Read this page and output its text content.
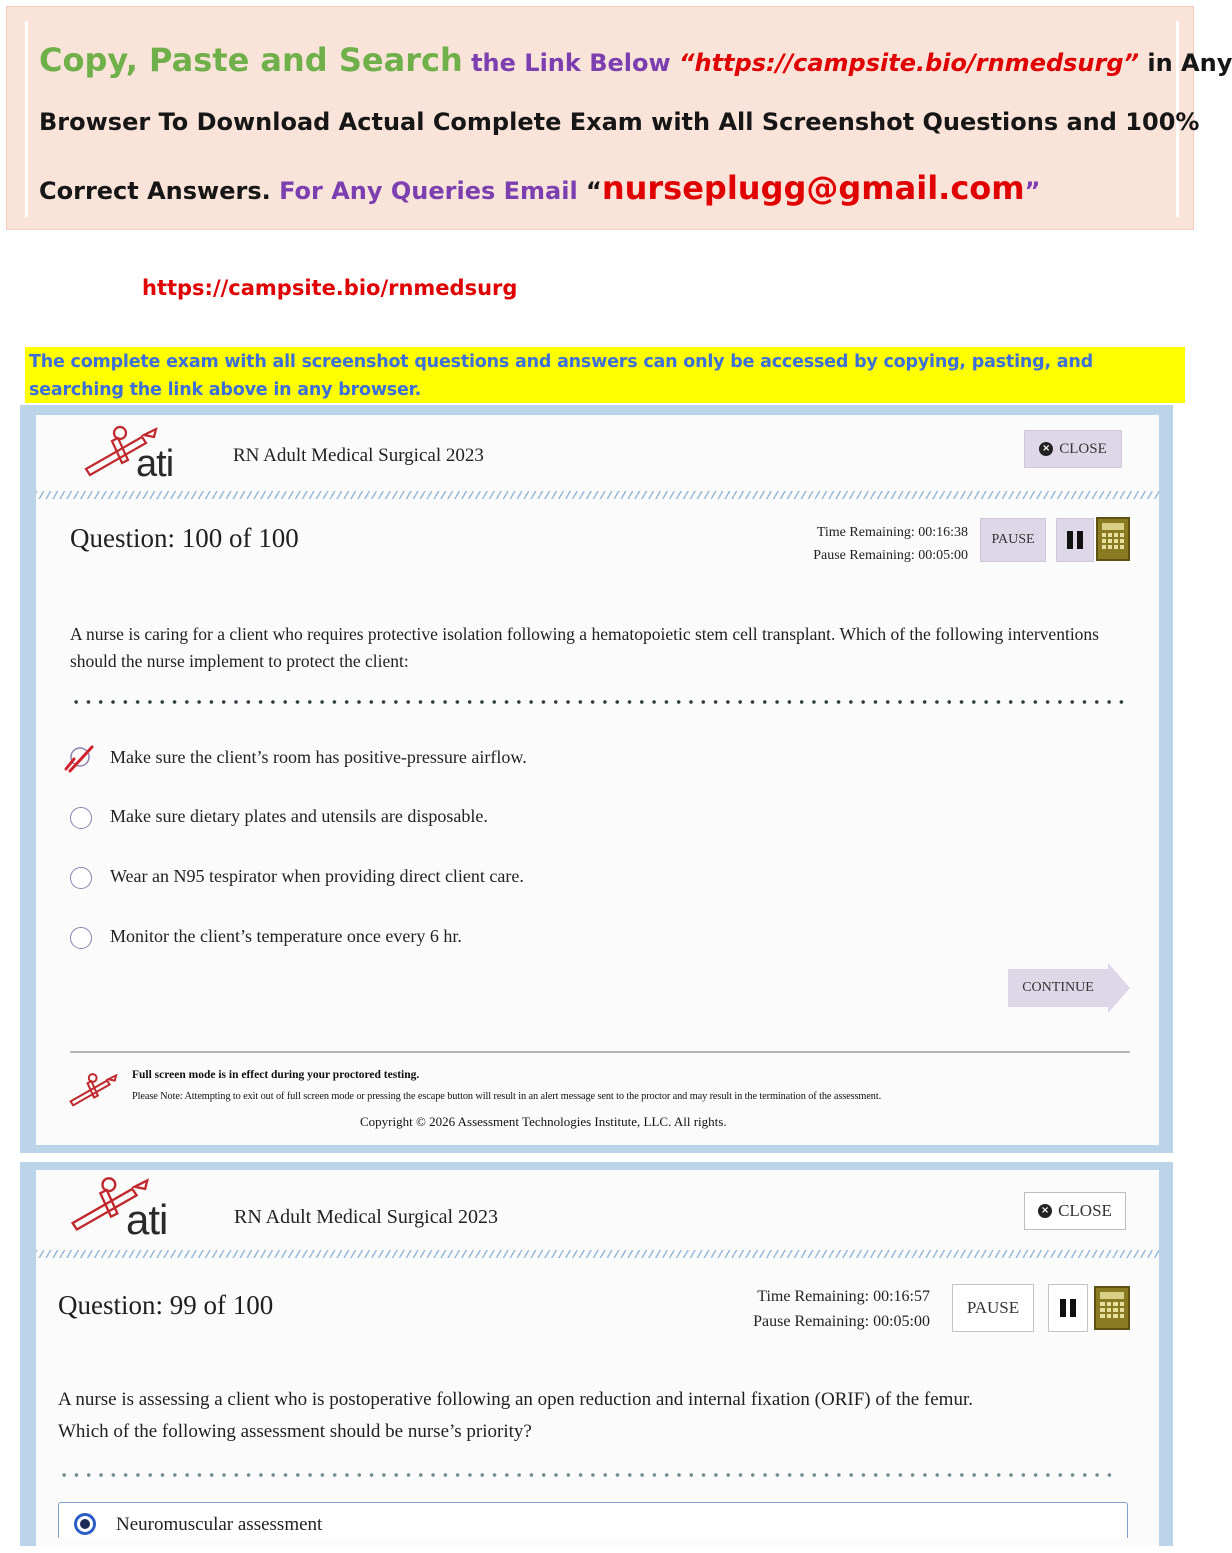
Copy, Paste and Search the Link Below “https://campsite.bio/rnmedsurg” in Any
Browser To Download Actual Complete Exam with All Screenshot Questions and 100%
Correct Answers. For Any Queries Email “nurseplugg@gmail.com”
https://campsite.bio/rnmedsurg
The complete exam with all screenshot questions and answers can only be accessed by copying, pasting, and searching the link above in any browser.
ati	RN Adult Medical Surgical 2023	× CLOSE
Question: 100 of 100	Time Remaining: 00:16:38
Pause Remaining: 00:05:00
PAUSE
A nurse is caring for a client who requires protective isolation following a hematopoietic stem cell transplant. Which of the following interventions should the nurse implement to protect the client:
Make sure the client’s room has positive-pressure airflow.
Make sure dietary plates and utensils are disposable.
Wear an N95 tespirator when providing direct client care.
Monitor the client’s temperature once every 6 hr.
CONTINUE
Full screen mode is in effect during your proctored testing.
Please Note: Attempting to exit out of full screen mode or pressing the escape button will result in an alert message sent to the proctor and may result in the termination of the assessment.
Copyright © 2026 Assessment Technologies Institute, LLC. All rights.
ati	RN Adult Medical Surgical 2023	× CLOSE
Question: 99 of 100	Time Remaining: 00:16:57
Pause Remaining: 00:05:00
PAUSE
A nurse is assessing a client who is postoperative following an open reduction and internal fixation (ORIF) of the femur.
Which of the following assessment should be nurse’s priority?
Neuromuscular assessment
